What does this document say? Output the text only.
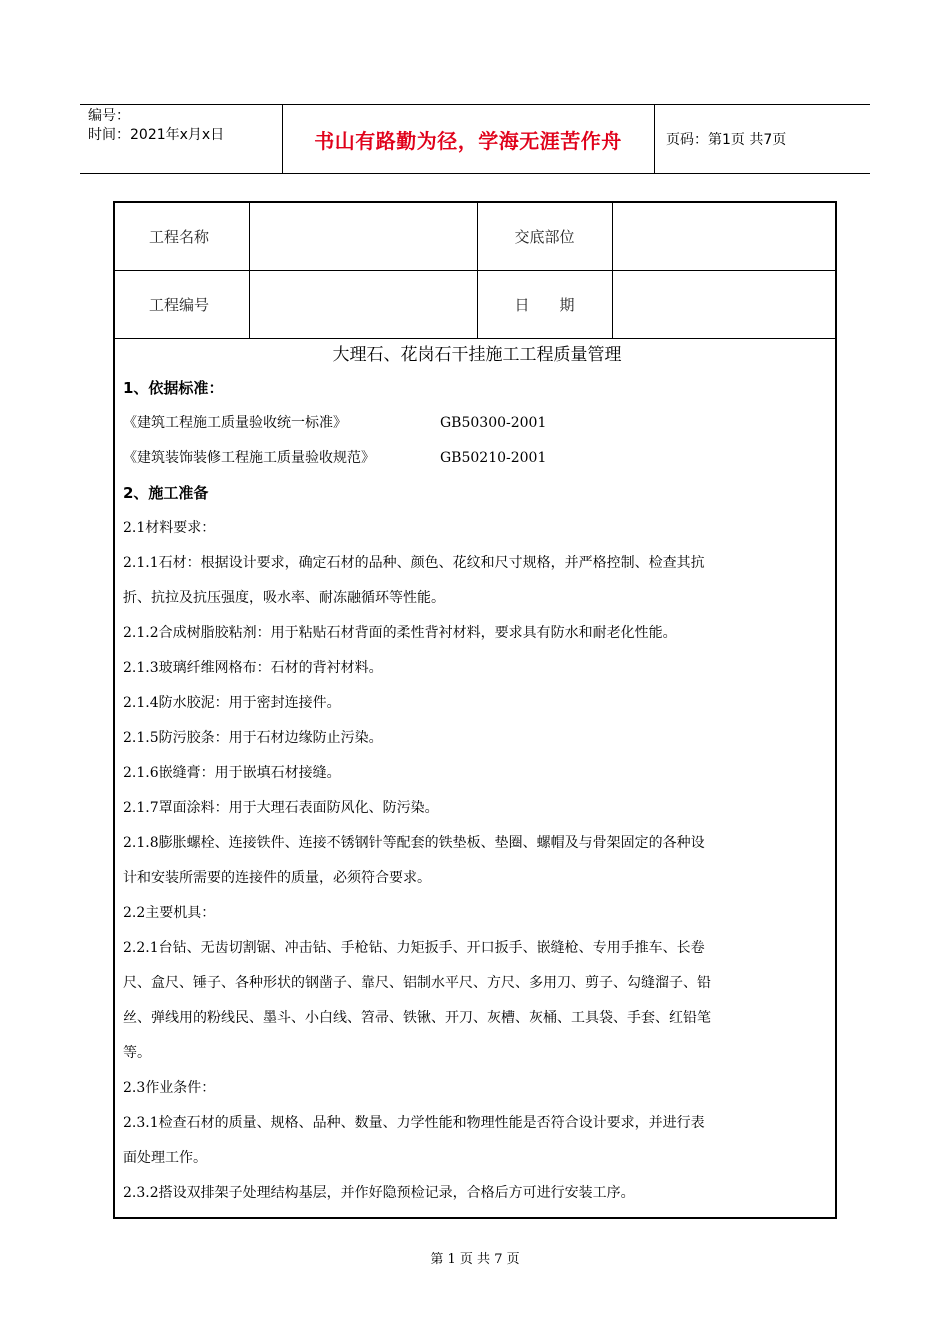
编号：
时间：2021年x月x日	书山有路勤为径，学海无涯苦作舟	页码：第1页 共7页
工程名称	交底部位
工程编号	日　　期
大理石、花岗石干挂施工工程质量管理
1、依据标准：
《建筑工程施工质量验收统一标准》	GB50300-2001
《建筑装饰装修工程施工质量验收规范》	GB50210-2001
2、施工准备
2.1材料要求：
2.1.1石材：根据设计要求，确定石材的品种、颜色、花纹和尺寸规格，并严格控制、检查其抗
折、抗拉及抗压强度，吸水率、耐冻融循环等性能。
2.1.2合成树脂胶粘剂：用于粘贴石材背面的柔性背衬材料，要求具有防水和耐老化性能。
2.1.3玻璃纤维网格布：石材的背衬材料。
2.1.4防水胶泥：用于密封连接件。
2.1.5防污胶条：用于石材边缘防止污染。
2.1.6嵌缝膏：用于嵌填石材接缝。
2.1.7罩面涂料：用于大理石表面防风化、防污染。
2.1.8膨胀螺栓、连接铁件、连接不锈钢针等配套的铁垫板、垫圈、螺帽及与骨架固定的各种设
计和安装所需要的连接件的质量，必须符合要求。
2.2主要机具：
2.2.1台钻、无齿切割锯、冲击钻、手枪钻、力矩扳手、开口扳手、嵌缝枪、专用手推车、长卷
尺、盒尺、锤子、各种形状的钢凿子、靠尺、铝制水平尺、方尺、多用刀、剪子、勾缝溜子、铅
丝、弹线用的粉线民、墨斗、小白线、笤帚、铁锹、开刀、灰槽、灰桶、工具袋、手套、红铅笔
等。
2.3作业条件：
2.3.1检查石材的质量、规格、品种、数量、力学性能和物理性能是否符合设计要求，并进行表
面处理工作。
2.3.2搭设双排架子处理结构基层，并作好隐预检记录，合格后方可进行安装工序。
第 1 页 共 7 页
